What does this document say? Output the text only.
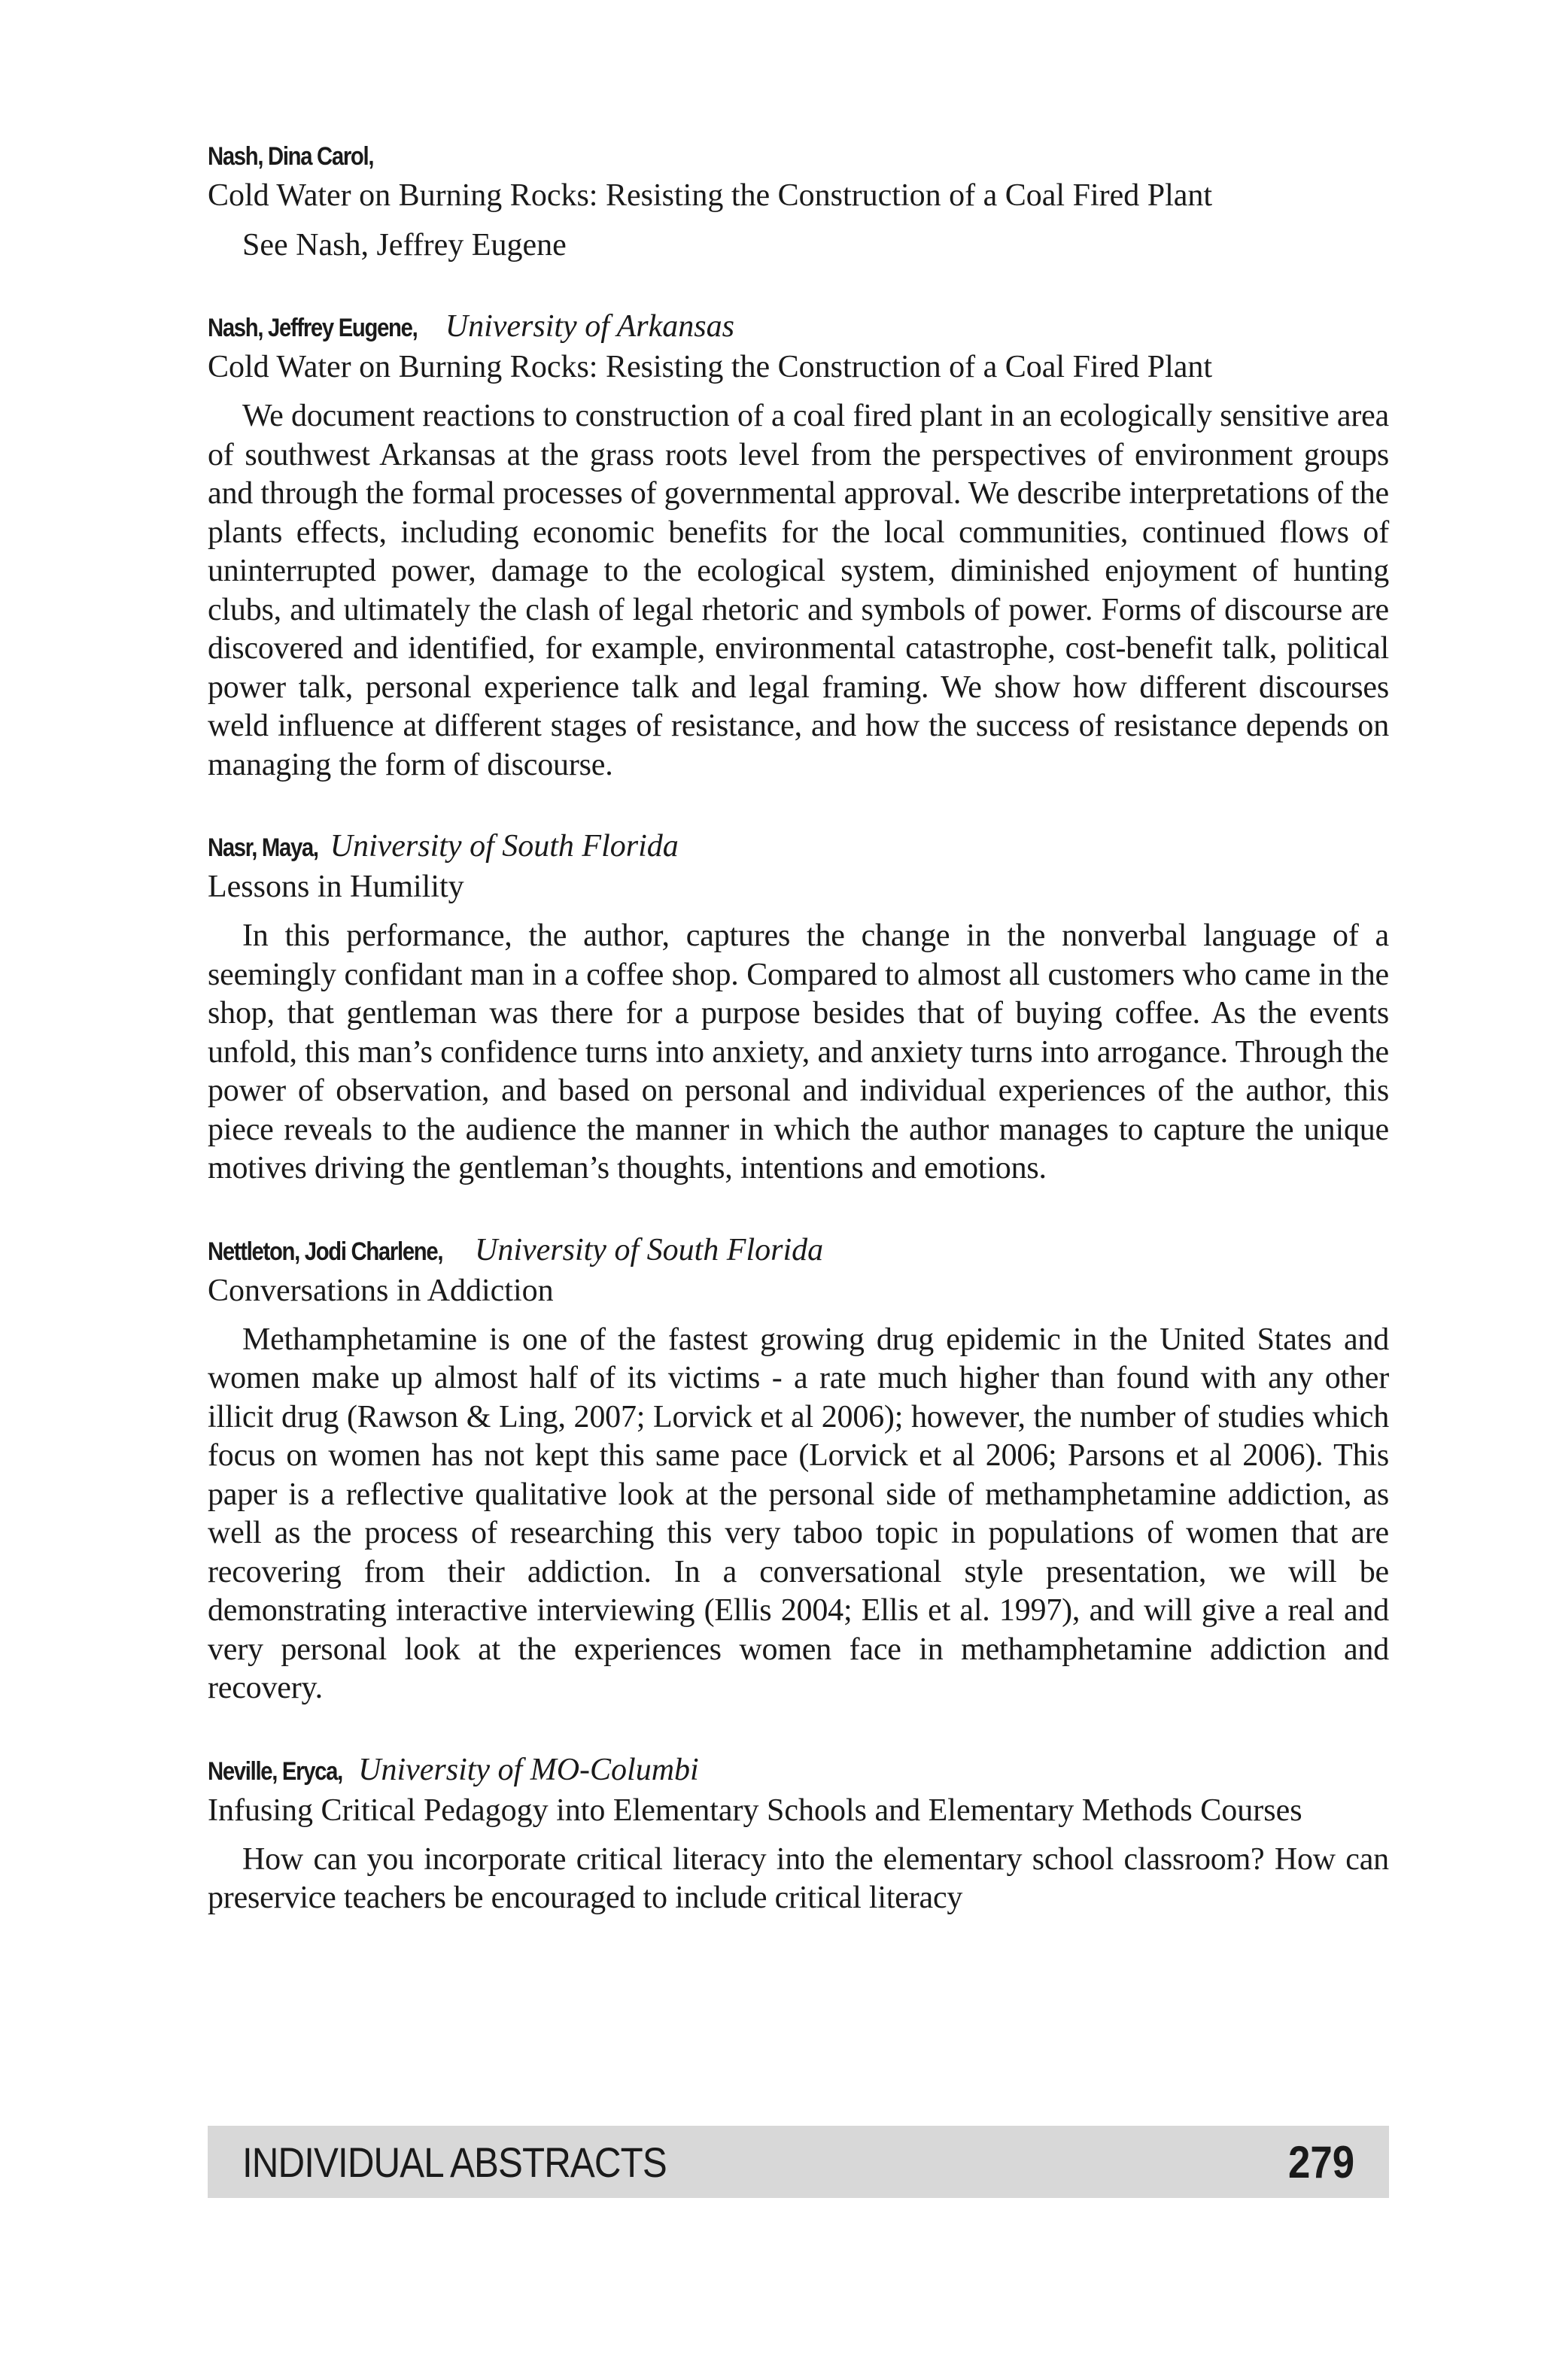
Nash, Dina Carol,

Cold Water on Burning Rocks: Resisting the Construction of a Coal Fired Plant

See Nash, Jeffrey Eugene

Nash, Jeffrey Eugene, University of Arkansas

Cold Water on Burning Rocks: Resisting the Construction of a Coal Fired Plant

We document reactions to construction of a coal fired plant in an ecologically sensitive area of southwest Arkansas at the grass roots level from the perspectives of environment groups and through the formal processes of governmental approval. We describe interpretations of the plants effects, including economic benefits for the local communities, continued flows of uninterrupted power, damage to the ecological system, diminished enjoyment of hunting clubs, and ultimately the clash of legal rhetoric and symbols of power. Forms of discourse are discovered and identified, for example, environmental catastrophe, cost-benefit talk, political power talk, personal experience talk and legal framing. We show how different discourses weld influence at different stages of resistance, and how the success of resistance depends on managing the form of discourse.

Nasr, Maya, University of South Florida

Lessons in Humility

In this performance, the author, captures the change in the nonverbal language of a seemingly confidant man in a coffee shop. Compared to almost all customers who came in the shop, that gentleman was there for a purpose besides that of buying coffee. As the events unfold, this man’s confidence turns into anxiety, and anxiety turns into arrogance. Through the power of observation, and based on personal and individual experiences of the author, this piece reveals to the audience the manner in which the author manages to capture the unique motives driving the gentleman’s thoughts, intentions and emotions.

Nettleton, Jodi Charlene, University of South Florida

Conversations in Addiction

Methamphetamine is one of the fastest growing drug epidemic in the United States and women make up almost half of its victims - a rate much higher than found with any other illicit drug (Rawson & Ling, 2007; Lorvick et al 2006); however, the number of studies which focus on women has not kept this same pace (Lorvick et al 2006; Parsons et al 2006). This paper is a reflective qualitative look at the personal side of methamphetamine addiction, as well as the process of researching this very taboo topic in populations of women that are recovering from their addiction. In a conversational style presentation, we will be demonstrating interactive interviewing (Ellis 2004; Ellis et al. 1997), and will give a real and very personal look at the experiences women face in methamphetamine addiction and recovery.

Neville, Eryca, University of MO-Columbi

Infusing Critical Pedagogy into Elementary Schools and Elementary Methods Courses

How can you incorporate critical literacy into the elementary school classroom? How can preservice teachers be encouraged to include critical literacy

INDIVIDUAL ABSTRACTS	279
